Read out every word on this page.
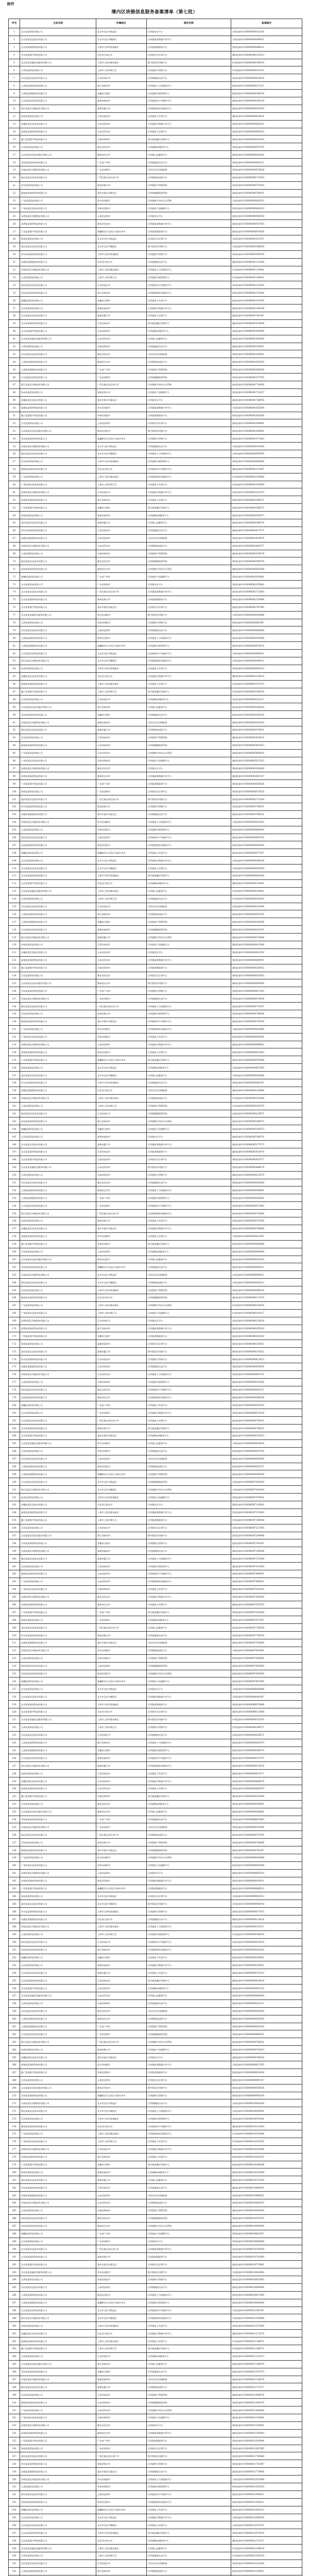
附件
境内区块链信息服务备案清单（第七批）
序号	主体名称	所属地区	服务名称	备案编号
1	北京某某科技有限公司	北京市北京市海淀区	区块链存证平台	京网信备11010000000012010
2	北京某某信息技术有限公司	北京市北京市朝阳区	区块链政务数据共享平台	京网信备11010000000049011
3	北京某某网络科技有限公司	天津市天津市滨海新区	区块链票据服务平台	津网信备11010000000086012
4	北京某某数字科技有限公司	河北省石家庄市	区块链可信计算平台	冀网信备11010000000123013
5	北京某某金融信息服务有限公司	上海市上海市浦东新区	数字版权区块链平台	沪网信备11010000000160014
6	天津某某科技有限公司	上海市上海市徐汇区	区块链积分管理平台	沪网信备11010000000197015
7	河北某某信息技术有限公司	江苏省南京市	区块链数据交易平台	苏网信备11010000000234016
8	上海某某网络科技有限公司	浙江省杭州市	区块链电子合同服务平台	浙网信备11010000000271017
9	上海某某数据科技有限公司	安徽省合肥市	区块链供应链管理平台	皖网信备11010000000308018
10	江苏某某信息科技有限公司	福建省福州市	区块链知识产权保护平台	闽网信备11010000000345019
11	浙江某某区块链技术有限公司	福建省厦门市	区块链跨境贸易服务平台	闽网信备11010000000382020
12	杭州某某科技有限公司	江西省南昌市	区块链电子发票平台	赣网信备11010000000419021
13	安徽某某信息技术有限公司	山东省济南市	区块链医疗数据共享平台	鲁网信备11010000000456022
14	福建某某网络科技有限公司	山东省青岛市	区块链电子证照平台	鲁网信备11010000000493023
15	厦门某某数字科技有限公司	河南省郑州市	供应链金融区块链平台	豫网信备11010000000530024
16	江西某某科技有限公司	湖北省武汉市	区块链BaaS服务平台	鄂网信备11010000000567025
17	山东某某信息技术股份有限公司	湖南省长沙市	区块链公益慈善平台	湘网信备11010000000604026
18	青岛某某网络科技有限公司	广东省广州市	区块链能源交易平台	粤网信备11010000000641027
19	河南某某区块链科技有限公司	广东省深圳市	司法存证区块链服务	粤网信备11010000000678028
20	湖北某某信息技术有限公司	广西壮族自治区南宁市	区块链物流追踪平台	桂网信备11010000000715029
21	武汉某某科技有限公司	海南省海口市	区块链资产管理系统	琼网信备11010000000752030
22	湖南某某网络科技有限公司	重庆市重庆市渝北区	区块链溯源服务系统	渝网信备11010000000789031
23	广东某某科技有限公司	四川省成都市	区块链数字身份认证系统	川网信备11010000000826032
24	广州某某信息技术有限公司	贵州省贵阳市	区块链农产品溯源平台	黔网信备11010000000863033
25	深圳某某区块链科技有限公司	云南省昆明市	区块链存证平台	滇网信备11010000000900034
26	深圳某某网络科技有限公司	陕西省西安市	区块链政务数据共享平台	陕网信备11010000000937035
27	广西某某数字科技有限公司	新疆维吾尔自治区乌鲁木齐市	区块链票据服务平台	新网信备11010000000974036
28	海南某某科技有限公司	北京市北京市海淀区	区块链可信计算平台	京网信备11010000001011037
29	重庆某某信息技术有限公司	北京市北京市朝阳区	数字版权区块链平台	京网信备11010000001048038
30	四川某某网络科技有限公司	天津市天津市滨海新区	区块链积分管理平台	津网信备11010000001085039
31	成都某某数据科技有限公司	河北省石家庄市	区块链数据交易平台	冀网信备11010000001122040
32	贵州某某区块链技术有限公司	上海市上海市浦东新区	区块链电子合同服务平台	沪网信备11010000001159041
33	云南某某科技有限公司	上海市上海市徐汇区	区块链供应链管理平台	沪网信备11010000001196042
34	陕西某某信息技术有限公司	江苏省南京市	区块链知识产权保护平台	苏网信备11010000001233043
35	西安某某网络科技有限公司	浙江省杭州市	区块链跨境贸易服务平台	浙网信备11010000001270044
36	新疆某某科技有限公司	安徽省合肥市	区块链电子发票平台	皖网信备11010000001307045
37	北京某某科技有限公司	福建省福州市	区块链医疗数据共享平台	闽网信备11010000001344046
38	北京某某信息技术有限公司	福建省厦门市	区块链电子证照平台	闽网信备11010000001381047
39	北京某某网络科技有限公司	江西省南昌市	供应链金融区块链平台	赣网信备11010000001418048
40	北京某某数字科技有限公司	山东省济南市	区块链BaaS服务平台	鲁网信备11010000001455049
41	北京某某金融信息服务有限公司	山东省青岛市	区块链公益慈善平台	鲁网信备11010000001492050
42	天津某某科技有限公司	河南省郑州市	区块链能源交易平台	豫网信备11010000001529051
43	河北某某信息技术有限公司	湖北省武汉市	司法存证区块链服务	鄂网信备11010000001566052
44	上海某某网络科技有限公司	湖南省长沙市	区块链物流追踪平台	湘网信备11010000001603053
45	上海某某数据科技有限公司	广东省广州市	区块链资产管理系统	粤网信备11010000001640054
46	江苏某某信息科技有限公司	广东省深圳市	区块链溯源服务系统	粤网信备11010000001677055
47	浙江某某区块链技术有限公司	广西壮族自治区南宁市	区块链数字身份认证系统	桂网信备11010000001714056
48	杭州某某科技有限公司	海南省海口市	区块链农产品溯源平台	琼网信备11010000001751057
49	安徽某某信息技术有限公司	重庆市重庆市渝北区	区块链存证平台	渝网信备11010000001788058
50	福建某某网络科技有限公司	四川省成都市	区块链政务数据共享平台	川网信备11010000001825059
51	厦门某某数字科技有限公司	贵州省贵阳市	区块链票据服务平台	黔网信备11010000001862060
52	江西某某科技有限公司	云南省昆明市	区块链可信计算平台	滇网信备11010000001899061
53	山东某某信息技术股份有限公司	陕西省西安市	数字版权区块链平台	陕网信备11010000001936062
54	青岛某某网络科技有限公司	新疆维吾尔自治区乌鲁木齐市	区块链积分管理平台	新网信备11010000001973063
55	河南某某区块链科技有限公司	北京市北京市海淀区	区块链数据交易平台	京网信备11010000002010064
56	湖北某某信息技术有限公司	北京市北京市朝阳区	区块链电子合同服务平台	京网信备11010000002047065
57	武汉某某科技有限公司	天津市天津市滨海新区	区块链供应链管理平台	津网信备11010000002084066
58	湖南某某网络科技有限公司	河北省石家庄市	区块链知识产权保护平台	冀网信备11010000002121067
59	广东某某科技有限公司	上海市上海市浦东新区	区块链跨境贸易服务平台	沪网信备11010000002158068
60	广州某某信息技术有限公司	上海市上海市徐汇区	区块链电子发票平台	沪网信备11010000002195069
61	深圳某某区块链科技有限公司	江苏省南京市	区块链医疗数据共享平台	苏网信备11010000002232070
62	深圳某某网络科技有限公司	浙江省杭州市	区块链电子证照平台	浙网信备11010000002269071
63	广西某某数字科技有限公司	安徽省合肥市	供应链金融区块链平台	皖网信备11010000002306072
64	海南某某科技有限公司	福建省福州市	区块链BaaS服务平台	闽网信备11010000002343073
65	重庆某某信息技术有限公司	福建省厦门市	区块链公益慈善平台	闽网信备11010000002380074
66	四川某某网络科技有限公司	江西省南昌市	区块链能源交易平台	赣网信备11010000002417075
67	成都某某数据科技有限公司	山东省济南市	司法存证区块链服务	鲁网信备11010000002454076
68	贵州某某区块链技术有限公司	山东省青岛市	区块链物流追踪平台	鲁网信备11010000002491077
69	云南某某科技有限公司	河南省郑州市	区块链资产管理系统	豫网信备11010000002528078
70	陕西某某信息技术有限公司	湖北省武汉市	区块链溯源服务系统	鄂网信备11010000002565079
71	西安某某网络科技有限公司	湖南省长沙市	区块链数字身份认证系统	湘网信备11010000002602080
72	新疆某某科技有限公司	广东省广州市	区块链农产品溯源平台	粤网信备11010000002639081
73	北京某某科技有限公司	广东省深圳市	区块链存证平台	粤网信备11010000002676082
74	北京某某信息技术有限公司	广西壮族自治区南宁市	区块链政务数据共享平台	桂网信备11010000002713083
75	北京某某网络科技有限公司	海南省海口市	区块链票据服务平台	琼网信备11010000002750084
76	北京某某数字科技有限公司	重庆市重庆市渝北区	区块链可信计算平台	渝网信备11010000002787085
77	北京某某金融信息服务有限公司	四川省成都市	数字版权区块链平台	川网信备11010000002824086
78	天津某某科技有限公司	贵州省贵阳市	区块链积分管理平台	黔网信备11010000002861087
79	河北某某信息技术有限公司	云南省昆明市	区块链数据交易平台	滇网信备11010000002898088
80	上海某某网络科技有限公司	陕西省西安市	区块链电子合同服务平台	陕网信备11010000002935089
81	上海某某数据科技有限公司	新疆维吾尔自治区乌鲁木齐市	区块链供应链管理平台	新网信备11010000002972010
82	江苏某某信息科技有限公司	北京市北京市海淀区	区块链知识产权保护平台	京网信备11010000003009011
83	浙江某某区块链技术有限公司	北京市北京市朝阳区	区块链跨境贸易服务平台	京网信备11010000003046012
84	杭州某某科技有限公司	天津市天津市滨海新区	区块链电子发票平台	津网信备11010000003083013
85	安徽某某信息技术有限公司	河北省石家庄市	区块链医疗数据共享平台	冀网信备11010000003120014
86	福建某某网络科技有限公司	上海市上海市浦东新区	区块链电子证照平台	沪网信备11010000003157015
87	厦门某某数字科技有限公司	上海市上海市徐汇区	供应链金融区块链平台	沪网信备11010000003194016
88	江西某某科技有限公司	江苏省南京市	区块链BaaS服务平台	苏网信备11010000003231017
89	山东某某信息技术股份有限公司	浙江省杭州市	区块链公益慈善平台	浙网信备11010000003268018
90	青岛某某网络科技有限公司	安徽省合肥市	区块链能源交易平台	皖网信备11010000003305019
91	河南某某区块链科技有限公司	福建省福州市	司法存证区块链服务	闽网信备11010000003342020
92	湖北某某信息技术有限公司	福建省厦门市	区块链物流追踪平台	闽网信备11010000003379021
93	武汉某某科技有限公司	江西省南昌市	区块链资产管理系统	赣网信备11010000003416022
94	湖南某某网络科技有限公司	山东省济南市	区块链溯源服务系统	鲁网信备11010000003453023
95	广东某某科技有限公司	山东省青岛市	区块链数字身份认证系统	鲁网信备11010000003490024
96	广州某某信息技术有限公司	河南省郑州市	区块链农产品溯源平台	豫网信备11010000003527025
97	深圳某某区块链科技有限公司	湖北省武汉市	区块链存证平台	鄂网信备11010000003564026
98	深圳某某网络科技有限公司	湖南省长沙市	区块链政务数据共享平台	湘网信备11010000003601027
99	广西某某数字科技有限公司	广东省广州市	区块链票据服务平台	粤网信备11010000003638028
100	海南某某科技有限公司	广东省深圳市	区块链可信计算平台	粤网信备11010000003675029
101	重庆某某信息技术有限公司	广西壮族自治区南宁市	数字版权区块链平台	桂网信备11010000003712030
102	四川某某网络科技有限公司	海南省海口市	区块链积分管理平台	琼网信备11010000003749031
103	成都某某数据科技有限公司	重庆市重庆市渝北区	区块链数据交易平台	渝网信备11010000003786032
104	贵州某某区块链技术有限公司	四川省成都市	区块链电子合同服务平台	川网信备11010000003823033
105	云南某某科技有限公司	贵州省贵阳市	区块链供应链管理平台	黔网信备11010000003860034
106	陕西某某信息技术有限公司	云南省昆明市	区块链知识产权保护平台	滇网信备11010000003897035
107	西安某某网络科技有限公司	陕西省西安市	区块链跨境贸易服务平台	陕网信备11010000003934036
108	新疆某某科技有限公司	新疆维吾尔自治区乌鲁木齐市	区块链电子发票平台	新网信备11010000003971037
109	北京某某科技有限公司	北京市北京市海淀区	区块链医疗数据共享平台	京网信备11010000004008038
110	北京某某信息技术有限公司	北京市北京市朝阳区	区块链电子证照平台	京网信备11010000004045039
111	北京某某网络科技有限公司	天津市天津市滨海新区	供应链金融区块链平台	津网信备11010000004082040
112	北京某某数字科技有限公司	河北省石家庄市	区块链BaaS服务平台	冀网信备11010000004119041
113	北京某某金融信息服务有限公司	上海市上海市浦东新区	区块链公益慈善平台	沪网信备11010000004156042
114	天津某某科技有限公司	上海市上海市徐汇区	区块链能源交易平台	沪网信备11010000004193043
115	河北某某信息技术有限公司	江苏省南京市	司法存证区块链服务	苏网信备11010000004230044
116	上海某某网络科技有限公司	浙江省杭州市	区块链物流追踪平台	浙网信备11010000004267045
117	上海某某数据科技有限公司	安徽省合肥市	区块链资产管理系统	皖网信备11010000004304046
118	江苏某某信息科技有限公司	福建省福州市	区块链溯源服务系统	闽网信备11010000004341047
119	浙江某某区块链技术有限公司	福建省厦门市	区块链数字身份认证系统	闽网信备11010000004378048
120	杭州某某科技有限公司	江西省南昌市	区块链农产品溯源平台	赣网信备11010000004415049
121	安徽某某信息技术有限公司	山东省济南市	区块链存证平台	鲁网信备11010000004452050
122	福建某某网络科技有限公司	山东省青岛市	区块链政务数据共享平台	鲁网信备11010000004489051
123	厦门某某数字科技有限公司	河南省郑州市	区块链票据服务平台	豫网信备11010000004526052
124	江西某某科技有限公司	湖北省武汉市	区块链可信计算平台	鄂网信备11010000004563053
125	山东某某信息技术股份有限公司	湖南省长沙市	数字版权区块链平台	湘网信备11010000004600054
126	青岛某某网络科技有限公司	广东省广州市	区块链积分管理平台	粤网信备11010000004637055
127	河南某某区块链科技有限公司	广东省深圳市	区块链数据交易平台	粤网信备11010000004674056
128	湖北某某信息技术有限公司	广西壮族自治区南宁市	区块链电子合同服务平台	桂网信备11010000004711057
129	武汉某某科技有限公司	海南省海口市	区块链供应链管理平台	琼网信备11010000004748058
130	湖南某某网络科技有限公司	重庆市重庆市渝北区	区块链知识产权保护平台	渝网信备11010000004785059
131	广东某某科技有限公司	四川省成都市	区块链跨境贸易服务平台	川网信备11010000004822060
132	广州某某信息技术有限公司	贵州省贵阳市	区块链电子发票平台	黔网信备11010000004859061
133	深圳某某区块链科技有限公司	云南省昆明市	区块链医疗数据共享平台	滇网信备11010000004896062
134	深圳某某网络科技有限公司	陕西省西安市	区块链电子证照平台	陕网信备11010000004933063
135	广西某某数字科技有限公司	新疆维吾尔自治区乌鲁木齐市	供应链金融区块链平台	新网信备11010000004970064
136	海南某某科技有限公司	北京市北京市海淀区	区块链BaaS服务平台	京网信备11010000005007065
137	重庆某某信息技术有限公司	北京市北京市朝阳区	区块链公益慈善平台	京网信备11010000005044066
138	四川某某网络科技有限公司	天津市天津市滨海新区	区块链能源交易平台	津网信备11010000005081067
139	成都某某数据科技有限公司	河北省石家庄市	司法存证区块链服务	冀网信备11010000005118068
140	贵州某某区块链技术有限公司	上海市上海市浦东新区	区块链物流追踪平台	沪网信备11010000005155069
141	云南某某科技有限公司	上海市上海市徐汇区	区块链资产管理系统	沪网信备11010000005192070
142	陕西某某信息技术有限公司	江苏省南京市	区块链溯源服务系统	苏网信备11010000005229071
143	西安某某网络科技有限公司	浙江省杭州市	区块链数字身份认证系统	浙网信备11010000005266072
144	新疆某某科技有限公司	安徽省合肥市	区块链农产品溯源平台	皖网信备11010000005303073
145	北京某某科技有限公司	福建省福州市	区块链存证平台	闽网信备11010000005340074
146	北京某某信息技术有限公司	福建省厦门市	区块链政务数据共享平台	闽网信备11010000005377075
147	北京某某网络科技有限公司	江西省南昌市	区块链票据服务平台	赣网信备11010000005414076
148	北京某某数字科技有限公司	山东省济南市	区块链可信计算平台	鲁网信备11010000005451077
149	北京某某金融信息服务有限公司	山东省青岛市	数字版权区块链平台	鲁网信备11010000005488078
150	天津某某科技有限公司	河南省郑州市	区块链积分管理平台	豫网信备11010000005525079
151	河北某某信息技术有限公司	湖北省武汉市	区块链数据交易平台	鄂网信备11010000005562080
152	上海某某网络科技有限公司	湖南省长沙市	区块链电子合同服务平台	湘网信备11010000005599081
153	上海某某数据科技有限公司	广东省广州市	区块链供应链管理平台	粤网信备11010000005636082
154	江苏某某信息科技有限公司	广东省深圳市	区块链知识产权保护平台	粤网信备11010000005673083
155	浙江某某区块链技术有限公司	广西壮族自治区南宁市	区块链跨境贸易服务平台	桂网信备11010000005710084
156	杭州某某科技有限公司	海南省海口市	区块链电子发票平台	琼网信备11010000005747085
157	安徽某某信息技术有限公司	重庆市重庆市渝北区	区块链医疗数据共享平台	渝网信备11010000005784086
158	福建某某网络科技有限公司	四川省成都市	区块链电子证照平台	川网信备11010000005821087
159	厦门某某数字科技有限公司	贵州省贵阳市	供应链金融区块链平台	黔网信备11010000005858088
160	江西某某科技有限公司	云南省昆明市	区块链BaaS服务平台	滇网信备11010000005895089
161	山东某某信息技术股份有限公司	陕西省西安市	区块链公益慈善平台	陕网信备11010000005932010
162	青岛某某网络科技有限公司	新疆维吾尔自治区乌鲁木齐市	区块链能源交易平台	新网信备11010000005969011
163	河南某某区块链科技有限公司	北京市北京市海淀区	司法存证区块链服务	京网信备11010000006006012
164	湖北某某信息技术有限公司	北京市北京市朝阳区	区块链物流追踪平台	京网信备11010000006043013
165	武汉某某科技有限公司	天津市天津市滨海新区	区块链资产管理系统	津网信备11010000006080014
166	湖南某某网络科技有限公司	河北省石家庄市	区块链溯源服务系统	冀网信备11010000006117015
167	广东某某科技有限公司	上海市上海市浦东新区	区块链数字身份认证系统	沪网信备11010000006154016
168	广州某某信息技术有限公司	上海市上海市徐汇区	区块链农产品溯源平台	沪网信备11010000006191017
169	深圳某某区块链科技有限公司	江苏省南京市	区块链存证平台	苏网信备11010000006228018
170	深圳某某网络科技有限公司	浙江省杭州市	区块链政务数据共享平台	浙网信备11010000006265019
171	广西某某数字科技有限公司	安徽省合肥市	区块链票据服务平台	皖网信备11010000006302020
172	海南某某科技有限公司	福建省福州市	区块链可信计算平台	闽网信备11010000006339021
173	重庆某某信息技术有限公司	福建省厦门市	数字版权区块链平台	闽网信备11010000006376022
174	四川某某网络科技有限公司	江西省南昌市	区块链积分管理平台	赣网信备11010000006413023
175	成都某某数据科技有限公司	山东省济南市	区块链数据交易平台	鲁网信备11010000006450024
176	贵州某某区块链技术有限公司	山东省青岛市	区块链电子合同服务平台	鲁网信备11010000006487025
177	云南某某科技有限公司	河南省郑州市	区块链供应链管理平台	豫网信备11010000006524026
178	陕西某某信息技术有限公司	湖北省武汉市	区块链知识产权保护平台	鄂网信备11010000006561027
179	西安某某网络科技有限公司	湖南省长沙市	区块链跨境贸易服务平台	湘网信备11010000006598028
180	新疆某某科技有限公司	广东省广州市	区块链电子发票平台	粤网信备11010000006635029
181	北京某某科技有限公司	广东省深圳市	区块链医疗数据共享平台	粤网信备11010000006672030
182	北京某某信息技术有限公司	广西壮族自治区南宁市	区块链电子证照平台	桂网信备11010000006709031
183	北京某某网络科技有限公司	海南省海口市	供应链金融区块链平台	琼网信备11010000006746032
184	北京某某数字科技有限公司	重庆市重庆市渝北区	区块链BaaS服务平台	渝网信备11010000006783033
185	北京某某金融信息服务有限公司	四川省成都市	区块链公益慈善平台	川网信备11010000006820034
186	天津某某科技有限公司	贵州省贵阳市	区块链能源交易平台	黔网信备11010000006857035
187	河北某某信息技术有限公司	云南省昆明市	司法存证区块链服务	滇网信备11010000006894036
188	上海某某网络科技有限公司	陕西省西安市	区块链物流追踪平台	陕网信备11010000006931037
189	上海某某数据科技有限公司	新疆维吾尔自治区乌鲁木齐市	区块链资产管理系统	新网信备11010000006968038
190	江苏某某信息科技有限公司	北京市北京市海淀区	区块链溯源服务系统	京网信备11010000007005039
191	浙江某某区块链技术有限公司	北京市北京市朝阳区	区块链数字身份认证系统	京网信备11010000007042040
192	杭州某某科技有限公司	天津市天津市滨海新区	区块链农产品溯源平台	津网信备11010000007079041
193	安徽某某信息技术有限公司	河北省石家庄市	区块链存证平台	冀网信备11010000007116042
194	福建某某网络科技有限公司	上海市上海市浦东新区	区块链政务数据共享平台	沪网信备11010000007153043
195	厦门某某数字科技有限公司	上海市上海市徐汇区	区块链票据服务平台	沪网信备11010000007190044
196	江西某某科技有限公司	江苏省南京市	区块链可信计算平台	苏网信备11010000007227045
197	山东某某信息技术股份有限公司	浙江省杭州市	数字版权区块链平台	浙网信备11010000007264046
198	青岛某某网络科技有限公司	安徽省合肥市	区块链积分管理平台	皖网信备11010000007301047
199	河南某某区块链科技有限公司	福建省福州市	区块链数据交易平台	闽网信备11010000007338048
200	湖北某某信息技术有限公司	福建省厦门市	区块链电子合同服务平台	闽网信备11010000007375049
201	武汉某某科技有限公司	江西省南昌市	区块链供应链管理平台	赣网信备11010000007412050
202	湖南某某网络科技有限公司	山东省济南市	区块链知识产权保护平台	鲁网信备11010000007449051
203	广东某某科技有限公司	山东省青岛市	区块链跨境贸易服务平台	鲁网信备11010000007486052
204	广州某某信息技术有限公司	河南省郑州市	区块链电子发票平台	豫网信备11010000007523053
205	深圳某某区块链科技有限公司	湖北省武汉市	区块链医疗数据共享平台	鄂网信备11010000007560054
206	深圳某某网络科技有限公司	湖南省长沙市	区块链电子证照平台	湘网信备11010000007597055
207	广西某某数字科技有限公司	广东省广州市	供应链金融区块链平台	粤网信备11010000007634056
208	海南某某科技有限公司	广东省深圳市	区块链BaaS服务平台	粤网信备11010000007671057
209	重庆某某信息技术有限公司	广西壮族自治区南宁市	区块链公益慈善平台	桂网信备11010000007708058
210	四川某某网络科技有限公司	海南省海口市	区块链能源交易平台	琼网信备11010000007745059
211	成都某某数据科技有限公司	重庆市重庆市渝北区	司法存证区块链服务	渝网信备11010000007782060
212	贵州某某区块链技术有限公司	四川省成都市	区块链物流追踪平台	川网信备11010000007819061
213	云南某某科技有限公司	贵州省贵阳市	区块链资产管理系统	黔网信备11010000007856062
214	陕西某某信息技术有限公司	云南省昆明市	区块链溯源服务系统	滇网信备11010000007893063
215	西安某某网络科技有限公司	陕西省西安市	区块链数字身份认证系统	陕网信备11010000007930064
216	新疆某某科技有限公司	新疆维吾尔自治区乌鲁木齐市	区块链农产品溯源平台	新网信备11010000007967065
217	北京某某科技有限公司	北京市北京市海淀区	区块链存证平台	京网信备11010000008004066
218	北京某某信息技术有限公司	北京市北京市朝阳区	区块链政务数据共享平台	京网信备11010000008041067
219	北京某某网络科技有限公司	天津市天津市滨海新区	区块链票据服务平台	津网信备11010000008078068
220	北京某某数字科技有限公司	河北省石家庄市	区块链可信计算平台	冀网信备11010000008115069
221	北京某某金融信息服务有限公司	上海市上海市浦东新区	数字版权区块链平台	沪网信备11010000008152070
222	天津某某科技有限公司	上海市上海市徐汇区	区块链积分管理平台	沪网信备11010000008189071
223	河北某某信息技术有限公司	江苏省南京市	区块链数据交易平台	苏网信备11010000008226072
224	上海某某网络科技有限公司	浙江省杭州市	区块链电子合同服务平台	浙网信备11010000008263073
225	上海某某数据科技有限公司	安徽省合肥市	区块链供应链管理平台	皖网信备11010000008300074
226	江苏某某信息科技有限公司	福建省福州市	区块链知识产权保护平台	闽网信备11010000008337075
227	浙江某某区块链技术有限公司	福建省厦门市	区块链跨境贸易服务平台	闽网信备11010000008374076
228	杭州某某科技有限公司	江西省南昌市	区块链电子发票平台	赣网信备11010000008411077
229	安徽某某信息技术有限公司	山东省济南市	区块链医疗数据共享平台	鲁网信备11010000008448078
230	福建某某网络科技有限公司	山东省青岛市	区块链电子证照平台	鲁网信备11010000008485079
231	厦门某某数字科技有限公司	河南省郑州市	供应链金融区块链平台	豫网信备11010000008522080
232	江西某某科技有限公司	湖北省武汉市	区块链BaaS服务平台	鄂网信备11010000008559081
233	山东某某信息技术股份有限公司	湖南省长沙市	区块链公益慈善平台	湘网信备11010000008596082
234	青岛某某网络科技有限公司	广东省广州市	区块链能源交易平台	粤网信备11010000008633083
235	河南某某区块链科技有限公司	广东省深圳市	司法存证区块链服务	粤网信备11010000008670084
236	湖北某某信息技术有限公司	广西壮族自治区南宁市	区块链物流追踪平台	桂网信备11010000008707085
237	武汉某某科技有限公司	海南省海口市	区块链资产管理系统	琼网信备11010000008744086
238	湖南某某网络科技有限公司	重庆市重庆市渝北区	区块链溯源服务系统	渝网信备11010000008781087
239	广东某某科技有限公司	四川省成都市	区块链数字身份认证系统	川网信备11010000008818088
240	广州某某信息技术有限公司	贵州省贵阳市	区块链农产品溯源平台	黔网信备11010000008855089
241	深圳某某区块链科技有限公司	云南省昆明市	区块链存证平台	滇网信备11010000008892010
242	深圳某某网络科技有限公司	陕西省西安市	区块链政务数据共享平台	陕网信备11010000008929011
243	广西某某数字科技有限公司	新疆维吾尔自治区乌鲁木齐市	区块链票据服务平台	新网信备11010000008966012
244	海南某某科技有限公司	北京市北京市海淀区	区块链可信计算平台	京网信备11010000009003013
245	重庆某某信息技术有限公司	北京市北京市朝阳区	数字版权区块链平台	京网信备11010000009040014
246	四川某某网络科技有限公司	天津市天津市滨海新区	区块链积分管理平台	津网信备11010000009077015
247	成都某某数据科技有限公司	河北省石家庄市	区块链数据交易平台	冀网信备11010000009114016
248	贵州某某区块链技术有限公司	上海市上海市浦东新区	区块链电子合同服务平台	沪网信备11010000009151017
249	云南某某科技有限公司	上海市上海市徐汇区	区块链供应链管理平台	沪网信备11010000009188018
250	陕西某某信息技术有限公司	江苏省南京市	区块链知识产权保护平台	苏网信备11010000009225019
251	西安某某网络科技有限公司	浙江省杭州市	区块链跨境贸易服务平台	浙网信备11010000009262020
252	新疆某某科技有限公司	安徽省合肥市	区块链电子发票平台	皖网信备11010000009299021
253	北京某某科技有限公司	福建省福州市	区块链医疗数据共享平台	闽网信备11010000009336022
254	北京某某信息技术有限公司	福建省厦门市	区块链电子证照平台	闽网信备11010000009373023
255	北京某某网络科技有限公司	江西省南昌市	供应链金融区块链平台	赣网信备11010000009410024
256	北京某某数字科技有限公司	山东省济南市	区块链BaaS服务平台	鲁网信备11010000009447025
257	北京某某金融信息服务有限公司	山东省青岛市	区块链公益慈善平台	鲁网信备11010000009484026
258	天津某某科技有限公司	河南省郑州市	区块链能源交易平台	豫网信备11010000009521027
259	河北某某信息技术有限公司	湖北省武汉市	司法存证区块链服务	鄂网信备11010000009558028
260	上海某某网络科技有限公司	湖南省长沙市	区块链物流追踪平台	湘网信备11010000009595029
261	上海某某数据科技有限公司	广东省广州市	区块链资产管理系统	粤网信备11010000009632030
262	江苏某某信息科技有限公司	广东省深圳市	区块链溯源服务系统	粤网信备11010000009669031
263	浙江某某区块链技术有限公司	广西壮族自治区南宁市	区块链数字身份认证系统	桂网信备11010000009706032
264	杭州某某科技有限公司	海南省海口市	区块链农产品溯源平台	琼网信备11010000009743033
265	安徽某某信息技术有限公司	重庆市重庆市渝北区	区块链存证平台	渝网信备11010000009780034
266	福建某某网络科技有限公司	四川省成都市	区块链政务数据共享平台	川网信备11010000009817035
267	厦门某某数字科技有限公司	贵州省贵阳市	区块链票据服务平台	黔网信备11010000009854036
268	江西某某科技有限公司	云南省昆明市	区块链可信计算平台	滇网信备11010000009891037
269	山东某某信息技术股份有限公司	陕西省西安市	数字版权区块链平台	陕网信备11010000009928038
270	青岛某某网络科技有限公司	新疆维吾尔自治区乌鲁木齐市	区块链积分管理平台	新网信备11010000009965039
271	河南某某区块链科技有限公司	北京市北京市海淀区	区块链数据交易平台	京网信备11010000010002040
272	湖北某某信息技术有限公司	北京市北京市朝阳区	区块链电子合同服务平台	京网信备11010000010039041
273	武汉某某科技有限公司	天津市天津市滨海新区	区块链供应链管理平台	津网信备11010000010076042
274	湖南某某网络科技有限公司	河北省石家庄市	区块链知识产权保护平台	冀网信备11010000010113043
275	广东某某科技有限公司	上海市上海市浦东新区	区块链跨境贸易服务平台	沪网信备11010000010150044
276	广州某某信息技术有限公司	上海市上海市徐汇区	区块链电子发票平台	沪网信备11010000010187045
277	深圳某某区块链科技有限公司	江苏省南京市	区块链医疗数据共享平台	苏网信备11010000010224046
278	深圳某某网络科技有限公司	浙江省杭州市	区块链电子证照平台	浙网信备11010000010261047
279	广西某某数字科技有限公司	安徽省合肥市	供应链金融区块链平台	皖网信备11010000010298048
280	海南某某科技有限公司	福建省福州市	区块链BaaS服务平台	闽网信备11010000010335049
281	重庆某某信息技术有限公司	福建省厦门市	区块链公益慈善平台	闽网信备11010000010372050
282	四川某某网络科技有限公司	江西省南昌市	区块链能源交易平台	赣网信备11010000010409051
283	成都某某数据科技有限公司	山东省济南市	司法存证区块链服务	鲁网信备11010000010446052
284	贵州某某区块链技术有限公司	山东省青岛市	区块链物流追踪平台	鲁网信备11010000010483053
285	云南某某科技有限公司	河南省郑州市	区块链资产管理系统	豫网信备11010000010520054
286	陕西某某信息技术有限公司	湖北省武汉市	区块链溯源服务系统	鄂网信备11010000010557055
287	西安某某网络科技有限公司	湖南省长沙市	区块链数字身份认证系统	湘网信备11010000010594056
288	新疆某某科技有限公司	广东省广州市	区块链农产品溯源平台	粤网信备11010000010631057
289	北京某某科技有限公司	广东省深圳市	区块链存证平台	粤网信备11010000010668058
290	北京某某信息技术有限公司	广西壮族自治区南宁市	区块链政务数据共享平台	桂网信备11010000010705059
291	北京某某网络科技有限公司	海南省海口市	区块链票据服务平台	琼网信备11010000010742060
292	北京某某数字科技有限公司	重庆市重庆市渝北区	区块链可信计算平台	渝网信备11010000010779061
293	北京某某金融信息服务有限公司	四川省成都市	数字版权区块链平台	川网信备11010000010816062
294	天津某某科技有限公司	贵州省贵阳市	区块链积分管理平台	黔网信备11010000010853063
295	河北某某信息技术有限公司	云南省昆明市	区块链数据交易平台	滇网信备11010000010890064
296	上海某某网络科技有限公司	陕西省西安市	区块链电子合同服务平台	陕网信备11010000010927065
297	上海某某数据科技有限公司	新疆维吾尔自治区乌鲁木齐市	区块链供应链管理平台	新网信备11010000010964066
298	江苏某某信息科技有限公司	北京市北京市海淀区	区块链知识产权保护平台	京网信备11010000011001067
299	浙江某某区块链技术有限公司	北京市北京市朝阳区	区块链跨境贸易服务平台	京网信备11010000011038068
300	杭州某某科技有限公司	天津市天津市滨海新区	区块链电子发票平台	津网信备11010000011075069
301	安徽某某信息技术有限公司	河北省石家庄市	区块链医疗数据共享平台	冀网信备11010000011112070
302	福建某某网络科技有限公司	上海市上海市浦东新区	区块链电子证照平台	沪网信备11010000011149071
303	厦门某某数字科技有限公司	上海市上海市徐汇区	供应链金融区块链平台	沪网信备11010000011186072
304	江西某某科技有限公司	江苏省南京市	区块链BaaS服务平台	苏网信备11010000011223073
305	山东某某信息技术股份有限公司	浙江省杭州市	区块链公益慈善平台	浙网信备11010000011260074
306	青岛某某网络科技有限公司	安徽省合肥市	区块链能源交易平台	皖网信备11010000011297075
307	河南某某区块链科技有限公司	福建省福州市	司法存证区块链服务	闽网信备11010000011334076
308	湖北某某信息技术有限公司	福建省厦门市	区块链物流追踪平台	闽网信备11010000011371077
309	武汉某某科技有限公司	江西省南昌市	区块链资产管理系统	赣网信备11010000011408078
310	湖南某某网络科技有限公司	山东省济南市	区块链溯源服务系统	鲁网信备11010000011445079
311	广东某某科技有限公司	山东省青岛市	区块链数字身份认证系统	鲁网信备11010000011482080
312	广州某某信息技术有限公司	河南省郑州市	区块链农产品溯源平台	豫网信备11010000011519081
313	深圳某某区块链科技有限公司	湖北省武汉市	区块链存证平台	鄂网信备11010000011556082
314	深圳某某网络科技有限公司	湖南省长沙市	区块链政务数据共享平台	湘网信备11010000011593083
315	广西某某数字科技有限公司	广东省广州市	区块链票据服务平台	粤网信备11010000011630084
316	海南某某科技有限公司	广东省深圳市	区块链可信计算平台	粤网信备11010000011667085
317	重庆某某信息技术有限公司	广西壮族自治区南宁市	数字版权区块链平台	桂网信备11010000011704086
318	四川某某网络科技有限公司	海南省海口市	区块链积分管理平台	琼网信备11010000011741087
319	成都某某数据科技有限公司	重庆市重庆市渝北区	区块链数据交易平台	渝网信备11010000011778088
320	贵州某某区块链技术有限公司	四川省成都市	区块链电子合同服务平台	川网信备11010000011815089
321	云南某某科技有限公司	贵州省贵阳市	区块链供应链管理平台	黔网信备11010000011852010
322	陕西某某信息技术有限公司	云南省昆明市	区块链知识产权保护平台	滇网信备11010000011889011
323	西安某某网络科技有限公司	陕西省西安市	区块链跨境贸易服务平台	陕网信备11010000011926012
324	新疆某某科技有限公司	新疆维吾尔自治区乌鲁木齐市	区块链电子发票平台	新网信备11010000011963013
325	北京某某科技有限公司	北京市北京市海淀区	区块链医疗数据共享平台	京网信备11010000012000014
326	北京某某信息技术有限公司	北京市北京市朝阳区	区块链电子证照平台	京网信备11010000012037015
327	北京某某网络科技有限公司	天津市天津市滨海新区	供应链金融区块链平台	津网信备11010000012074016
328	北京某某数字科技有限公司	河北省石家庄市	区块链BaaS服务平台	冀网信备11010000012111017
329	北京某某金融信息服务有限公司	上海市上海市浦东新区	区块链公益慈善平台	沪网信备11010000012148018
330	天津某某科技有限公司	上海市上海市徐汇区	区块链能源交易平台	沪网信备11010000012185019
331	河北某某信息技术有限公司	江苏省南京市	司法存证区块链服务	苏网信备11010000012222020
332	上海某某网络科技有限公司	浙江省杭州市	区块链物流追踪平台	浙网信备11010000012259021
